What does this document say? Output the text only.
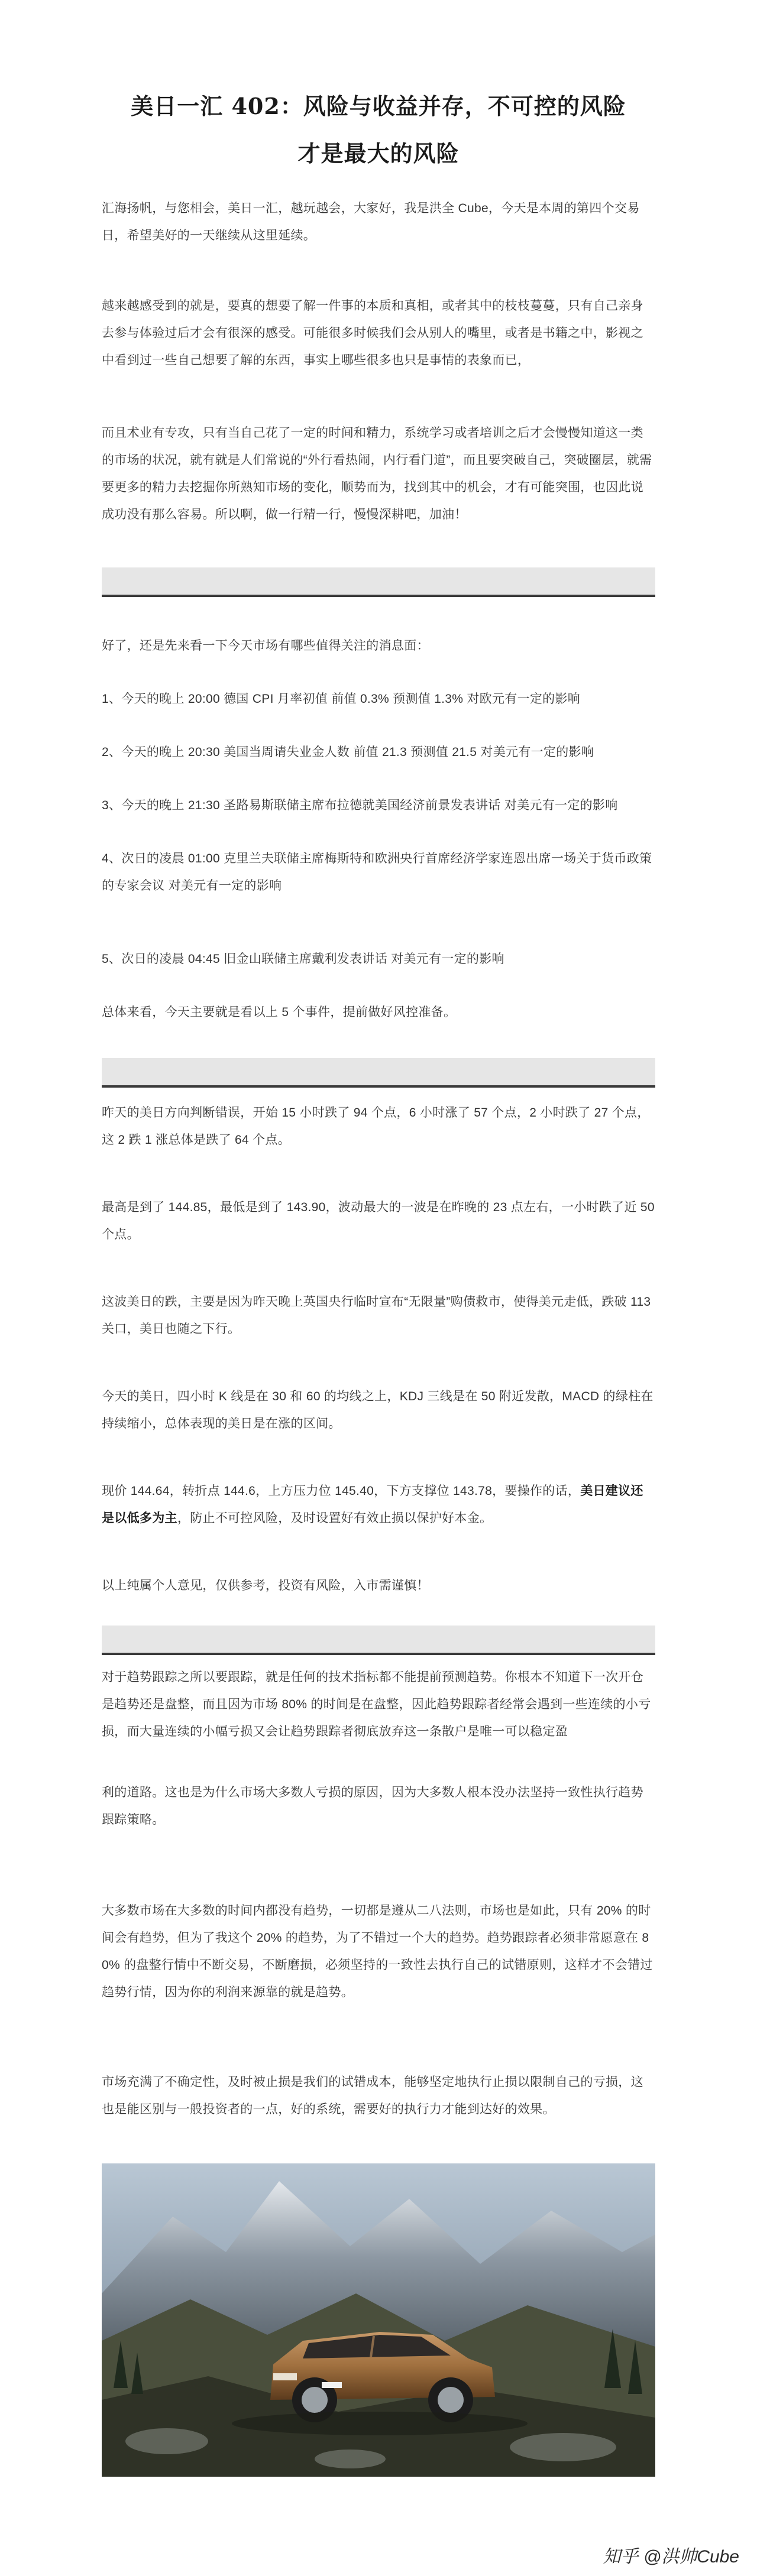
美日一汇 402：风险与收益并存，不可控的风险
才是最大的风险
汇海扬帆，与您相会，美日一汇，越玩越会，大家好，我是洪全 Cube，今天是本周的第四个交易日，希望美好的一天继续从这里延续。
越来越感受到的就是，要真的想要了解一件事的本质和真相，或者其中的枝枝蔓蔓，只有自己亲身去参与体验过后才会有很深的感受。可能很多时候我们会从别人的嘴里，或者是书籍之中，影视之中看到过一些自己想要了解的东西，事实上哪些很多也只是事情的表象而已，
而且术业有专攻，只有当自己花了一定的时间和精力，系统学习或者培训之后才会慢慢知道这一类的市场的状况，就有就是人们常说的“外行看热闹，内行看门道”，而且要突破自己，突破圈层，就需要更多的精力去挖掘你所熟知市场的变化，顺势而为，找到其中的机会，才有可能突围，也因此说成功没有那么容易。所以啊，做一行精一行，慢慢深耕吧，加油！
好了，还是先来看一下今天市场有哪些值得关注的消息面：
1、今天的晚上 20:00 德国 CPI 月率初值 前值 0.3% 预测值 1.3% 对欧元有一定的影响
2、今天的晚上 20:30 美国当周请失业金人数 前值 21.3 预测值 21.5 对美元有一定的影响
3、今天的晚上 21:30 圣路易斯联储主席布拉德就美国经济前景发表讲话 对美元有一定的影响
4、次日的凌晨 01:00 克里兰夫联储主席梅斯特和欧洲央行首席经济学家连恩出席一场关于货币政策的专家会议 对美元有一定的影响
5、次日的凌晨 04:45 旧金山联储主席戴利发表讲话 对美元有一定的影响
总体来看，今天主要就是看以上 5 个事件，提前做好风控准备。
昨天的美日方向判断错误，开始 15 小时跌了 94 个点，6 小时涨了 57 个点，2 小时跌了 27 个点，这 2 跌 1 涨总体是跌了 64 个点。
最高是到了 144.85，最低是到了 143.90，波动最大的一波是在昨晚的 23 点左右，一小时跌了近 50 个点。
这波美日的跌，主要是因为昨天晚上英国央行临时宣布“无限量”购债救市，使得美元走低，跌破 113 关口，美日也随之下行。
今天的美日，四小时 K 线是在 30 和 60 的均线之上，KDJ 三线是在 50 附近发散，MACD 的绿柱在持续缩小，总体表现的美日是在涨的区间。
现价 144.64，转折点 144.6，上方压力位 145.40，下方支撑位 143.78，要操作的话，美日建议还是以低多为主，防止不可控风险，及时设置好有效止损以保护好本金。
以上纯属个人意见，仅供参考，投资有风险，入市需谨慎！
对于趋势跟踪之所以要跟踪，就是任何的技术指标都不能提前预测趋势。你根本不知道下一次开仓是趋势还是盘整，而且因为市场 80% 的时间是在盘整，因此趋势跟踪者经常会遇到一些连续的小亏损，而大量连续的小幅亏损又会让趋势跟踪者彻底放弃这一条散户是唯一可以稳定盈
利的道路。这也是为什么市场大多数人亏损的原因，因为大多数人根本没办法坚持一致性执行趋势跟踪策略。
大多数市场在大多数的时间内都没有趋势，一切都是遵从二八法则，市场也是如此，只有 20% 的时间会有趋势，但为了我这个 20% 的趋势，为了不错过一个大的趋势。趋势跟踪者必须非常愿意在 80% 的盘整行情中不断交易，不断磨损，必须坚持的一致性去执行自己的试错原则，这样才不会错过趋势行情，因为你的利润来源靠的就是趋势。
市场充满了不确定性，及时被止损是我们的试错成本，能够坚定地执行止损以限制自己的亏损，这也是能区别与一般投资者的一点，好的系统，需要好的执行力才能到达好的效果。
知乎 @洪帅Cube
